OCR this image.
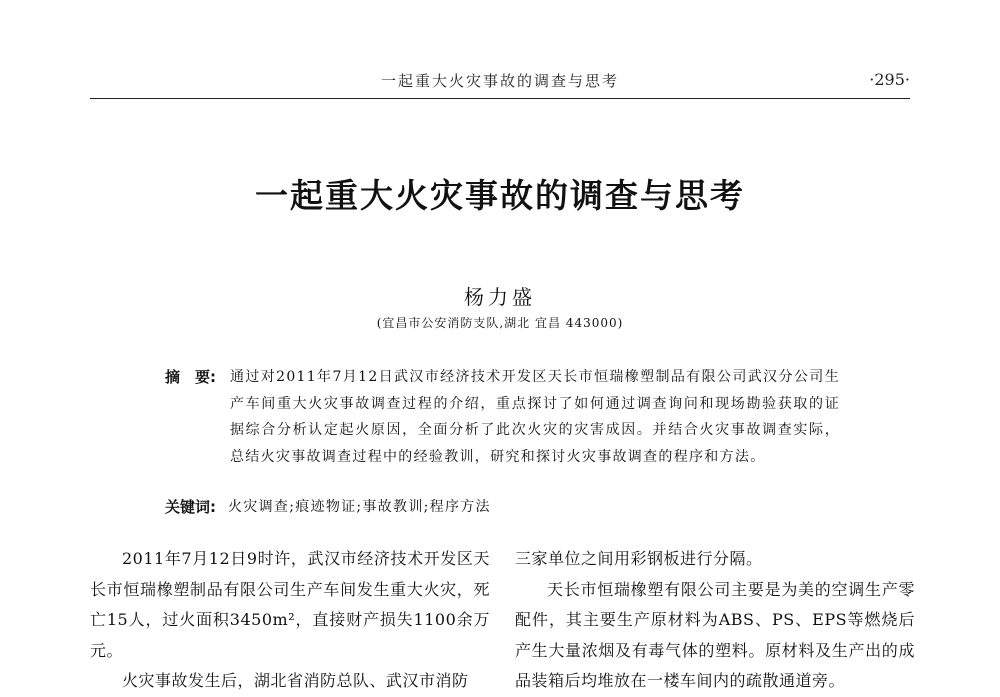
一起重大火灾事故的调查与思考	·295·
一起重大火灾事故的调查与思考
杨力盛
(宜昌市公安消防支队,湖北 宜昌 443000)
摘　要:	通过对2011年7月12日武汉市经济技术开发区天长市恒瑞橡塑制品有限公司武汉分公司生产车间重大火灾事故调查过程的介绍，重点探讨了如何通过调查询问和现场勘验获取的证据综合分析认定起火原因，全面分析了此次火灾的灾害成因。并结合火灾事故调查实际，总结火灾事故调查过程中的经验教训，研究和探讨火灾事故调查的程序和方法。
关键词: 火灾调查;痕迹物证;事故教训;程序方法

2011年7月12日9时许，武汉市经济技术开发区天长市恒瑞橡塑制品有限公司生产车间发生重大火灾，死亡15人，过火面积3450m²，直接财产损失1100余万元。

火灾事故发生后，湖北省消防总队、武汉市消防

三家单位之间用彩钢板进行分隔。

天长市恒瑞橡塑有限公司主要是为美的空调生产零配件，其主要生产原材料为ABS、PS、EPS等燃烧后产生大量浓烟及有毒气体的塑料。原材料及生产出的成品装箱后均堆放在一楼车间内的疏散通道旁。
